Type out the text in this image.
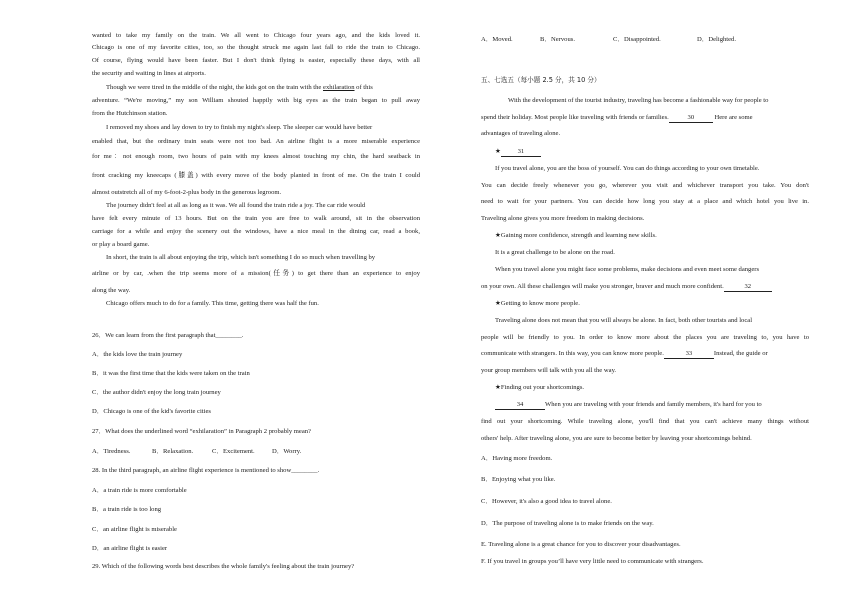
wanted to take my family on the train. We all went to Chicago four years ago, and the kids loved it.
Chicago is one of my favorite cities, too, so the thought struck me again last fall to ride the train to Chicago.
Of course, flying would have been faster. But I don't think flying is easier, especially these days, with all
the security and waiting in lines at airports.
Though we were tired in the middle of the night, the kids got on the train with the exhilaration of this
adventure. “We're moving,” my son William shouted happily with big eyes as the train began to pull away
from the Hutchinson station.
I removed my shoes and lay down to try to finish my night's sleep. The sleeper car would have better
enabled that, but the ordinary train seats were not too bad. An airline flight is a more miserable experience
for me：not enough room, two hours of pain with my knees almost touching my chin, the hard seatback in
front cracking my kneecaps (膝盖) with every move of the body planted in front of me. On the train I could
almost outstretch all of my 6-foot-2-plus body in the generous legroom.
The journey didn't feel at all as long as it was. We all found the train ride a joy. The car ride would
have felt every minute of 13 hours. But on the train you are free to walk around, sit in the observation
carriage for a while and enjoy the scenery out the windows, have a nice meal in the dining car, read a book,
or play a board game.
In short, the train is all about enjoying the trip, which isn't something I do so much when travelling by
airline or by car, .when the trip seems more of a mission(任务) to get there than an experience to enjoy
along the way.
Chicago offers much to do for a family. This time, getting there was half the fun.
26．We can learn from the first paragraph that________.
A．the kids love the train journey
B．it was the first time that the kids were taken on the train
C．the author didn't enjoy the long train journey
D．Chicago is one of the kid's favorite cities
27．What does the underlined word “exhilaration” in Paragraph 2 probably mean?
A．Tiredness.	B．Relaxation.	C．Excitement.	D．Worry.
28. In the third paragraph, an airline flight experience is mentioned to show________.
A．a train ride is more comfortable
B．a train ride is too long
C．an airline flight is miserable
D．an airline flight is easier
29. Which of the following words best describes the whole family's feeling about the train journey?
A．Moved.	B．Nervous.	C．Disappointed.	D．Delighted.
五、七选五（每小题 2.5 分，共 10 分）
With the development of the tourist industry, traveling has become a fashionable way for people to
spend their holiday. Most people like traveling with friends or families.	30	Here are some
advantages of traveling alone.
★	31
If you travel alone, you are the boss of yourself. You can do things according to your own timetable.
You can decide freely whenever you go, wherever you visit and whichever transport you take. You don't
need to wait for your partners. You can decide how long you stay at a place and which hotel you live in.
Traveling alone gives you more freedom in making decisions.
★Gaining more confidence, strength and learning new skills.
It is a great challenge to be alone on the road.
When you travel alone you might face some problems, make decisions and even meet some dangers
on your own. All these challenges will make you stronger, braver and much more confident.	32
★Getting to know more people.
Traveling alone does not mean that you will always be alone. In fact, both other tourists and local
people will be friendly to you. In order to know more about the places you are traveling to, you have to
communicate with strangers. In this way, you can know more people.	33	Instead, the guide or
your group members will talk with you all the way.
★Finding out your shortcomings.
34	When you are traveling with your friends and family members, it's hard for you to
find out your shortcoming. While traveling alone, you'll find that you can't achieve many things without
others' help. After traveling alone, you are sure to become better by leaving your shortcomings behind.
A．Having more freedom.
B．Enjoying what you like.
C．However, it's also a good idea to travel alone.
D．The purpose of traveling alone is to make friends on the way.
E. Traveling alone is a great chance for you to discover your disadvantages.
F. If you travel in groups you’ll have very little need to communicate with strangers.
